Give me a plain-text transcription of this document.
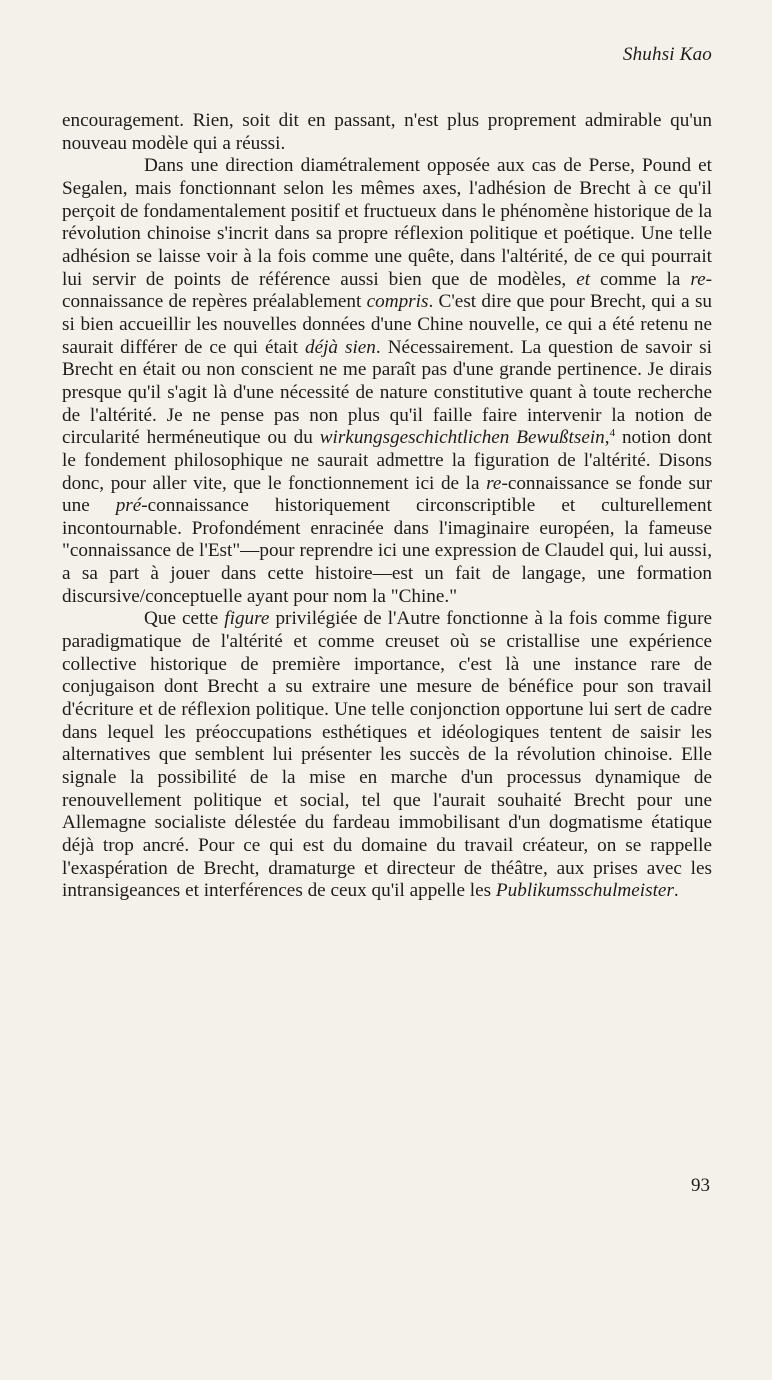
Shuhsi Kao

encouragement. Rien, soit dit en passant, n'est plus proprement admirable qu'un nouveau modèle qui a réussi.

Dans une direction diamétralement opposée aux cas de Perse, Pound et Segalen, mais fonctionnant selon les mêmes axes, l'adhésion de Brecht à ce qu'il perçoit de fondamentalement positif et fructueux dans le phénomène historique de la révolution chinoise s'incrit dans sa propre réflexion politique et poétique. Une telle adhésion se laisse voir à la fois comme une quête, dans l'altérité, de ce qui pourrait lui servir de points de référence aussi bien que de modèles, et comme la re-connaissance de repères préalablement compris. C'est dire que pour Brecht, qui a su si bien accueillir les nouvelles données d'une Chine nouvelle, ce qui a été retenu ne saurait différer de ce qui était déjà sien. Nécessairement. La question de savoir si Brecht en était ou non conscient ne me paraît pas d'une grande pertinence. Je dirais presque qu'il s'agit là d'une nécessité de nature constitutive quant à toute recherche de l'altérité. Je ne pense pas non plus qu'il faille faire intervenir la notion de circularité herméneutique ou du wirkungsgeschichtlichen Bewußtsein,$^4$ notion dont le fondement philosophique ne saurait admettre la figuration de l'altérité. Disons donc, pour aller vite, que le fonctionnement ici de la re-connaissance se fonde sur une pré-connaissance historiquement circonscriptible et culturellement incontournable. Profondément enracinée dans l'imaginaire européen, la fameuse "connaissance de l'Est"—pour reprendre ici une expression de Claudel qui, lui aussi, a sa part à jouer dans cette histoire—est un fait de langage, une formation discursive/conceptuelle ayant pour nom la "Chine."

Que cette figure privilégiée de l'Autre fonctionne à la fois comme figure paradigmatique de l'altérité et comme creuset où se cristallise une expérience collective historique de première importance, c'est là une instance rare de conjugaison dont Brecht a su extraire une mesure de bénéfice pour son travail d'écriture et de réflexion politique. Une telle conjonction opportune lui sert de cadre dans lequel les préoccupations esthétiques et idéologiques tentent de saisir les alternatives que semblent lui présenter les succès de la révolution chinoise. Elle signale la possibilité de la mise en marche d'un processus dynamique de renouvellement politique et social, tel que l'aurait souhaité Brecht pour une Allemagne socialiste délestée du fardeau immobilisant d'un dogmatisme étatique déjà trop ancré. Pour ce qui est du domaine du travail créateur, on se rappelle l'exaspération de Brecht, dramaturge et directeur de théâtre, aux prises avec les intransigeances et interférences de ceux qu'il appelle les Publikumsschulmeister.

93
